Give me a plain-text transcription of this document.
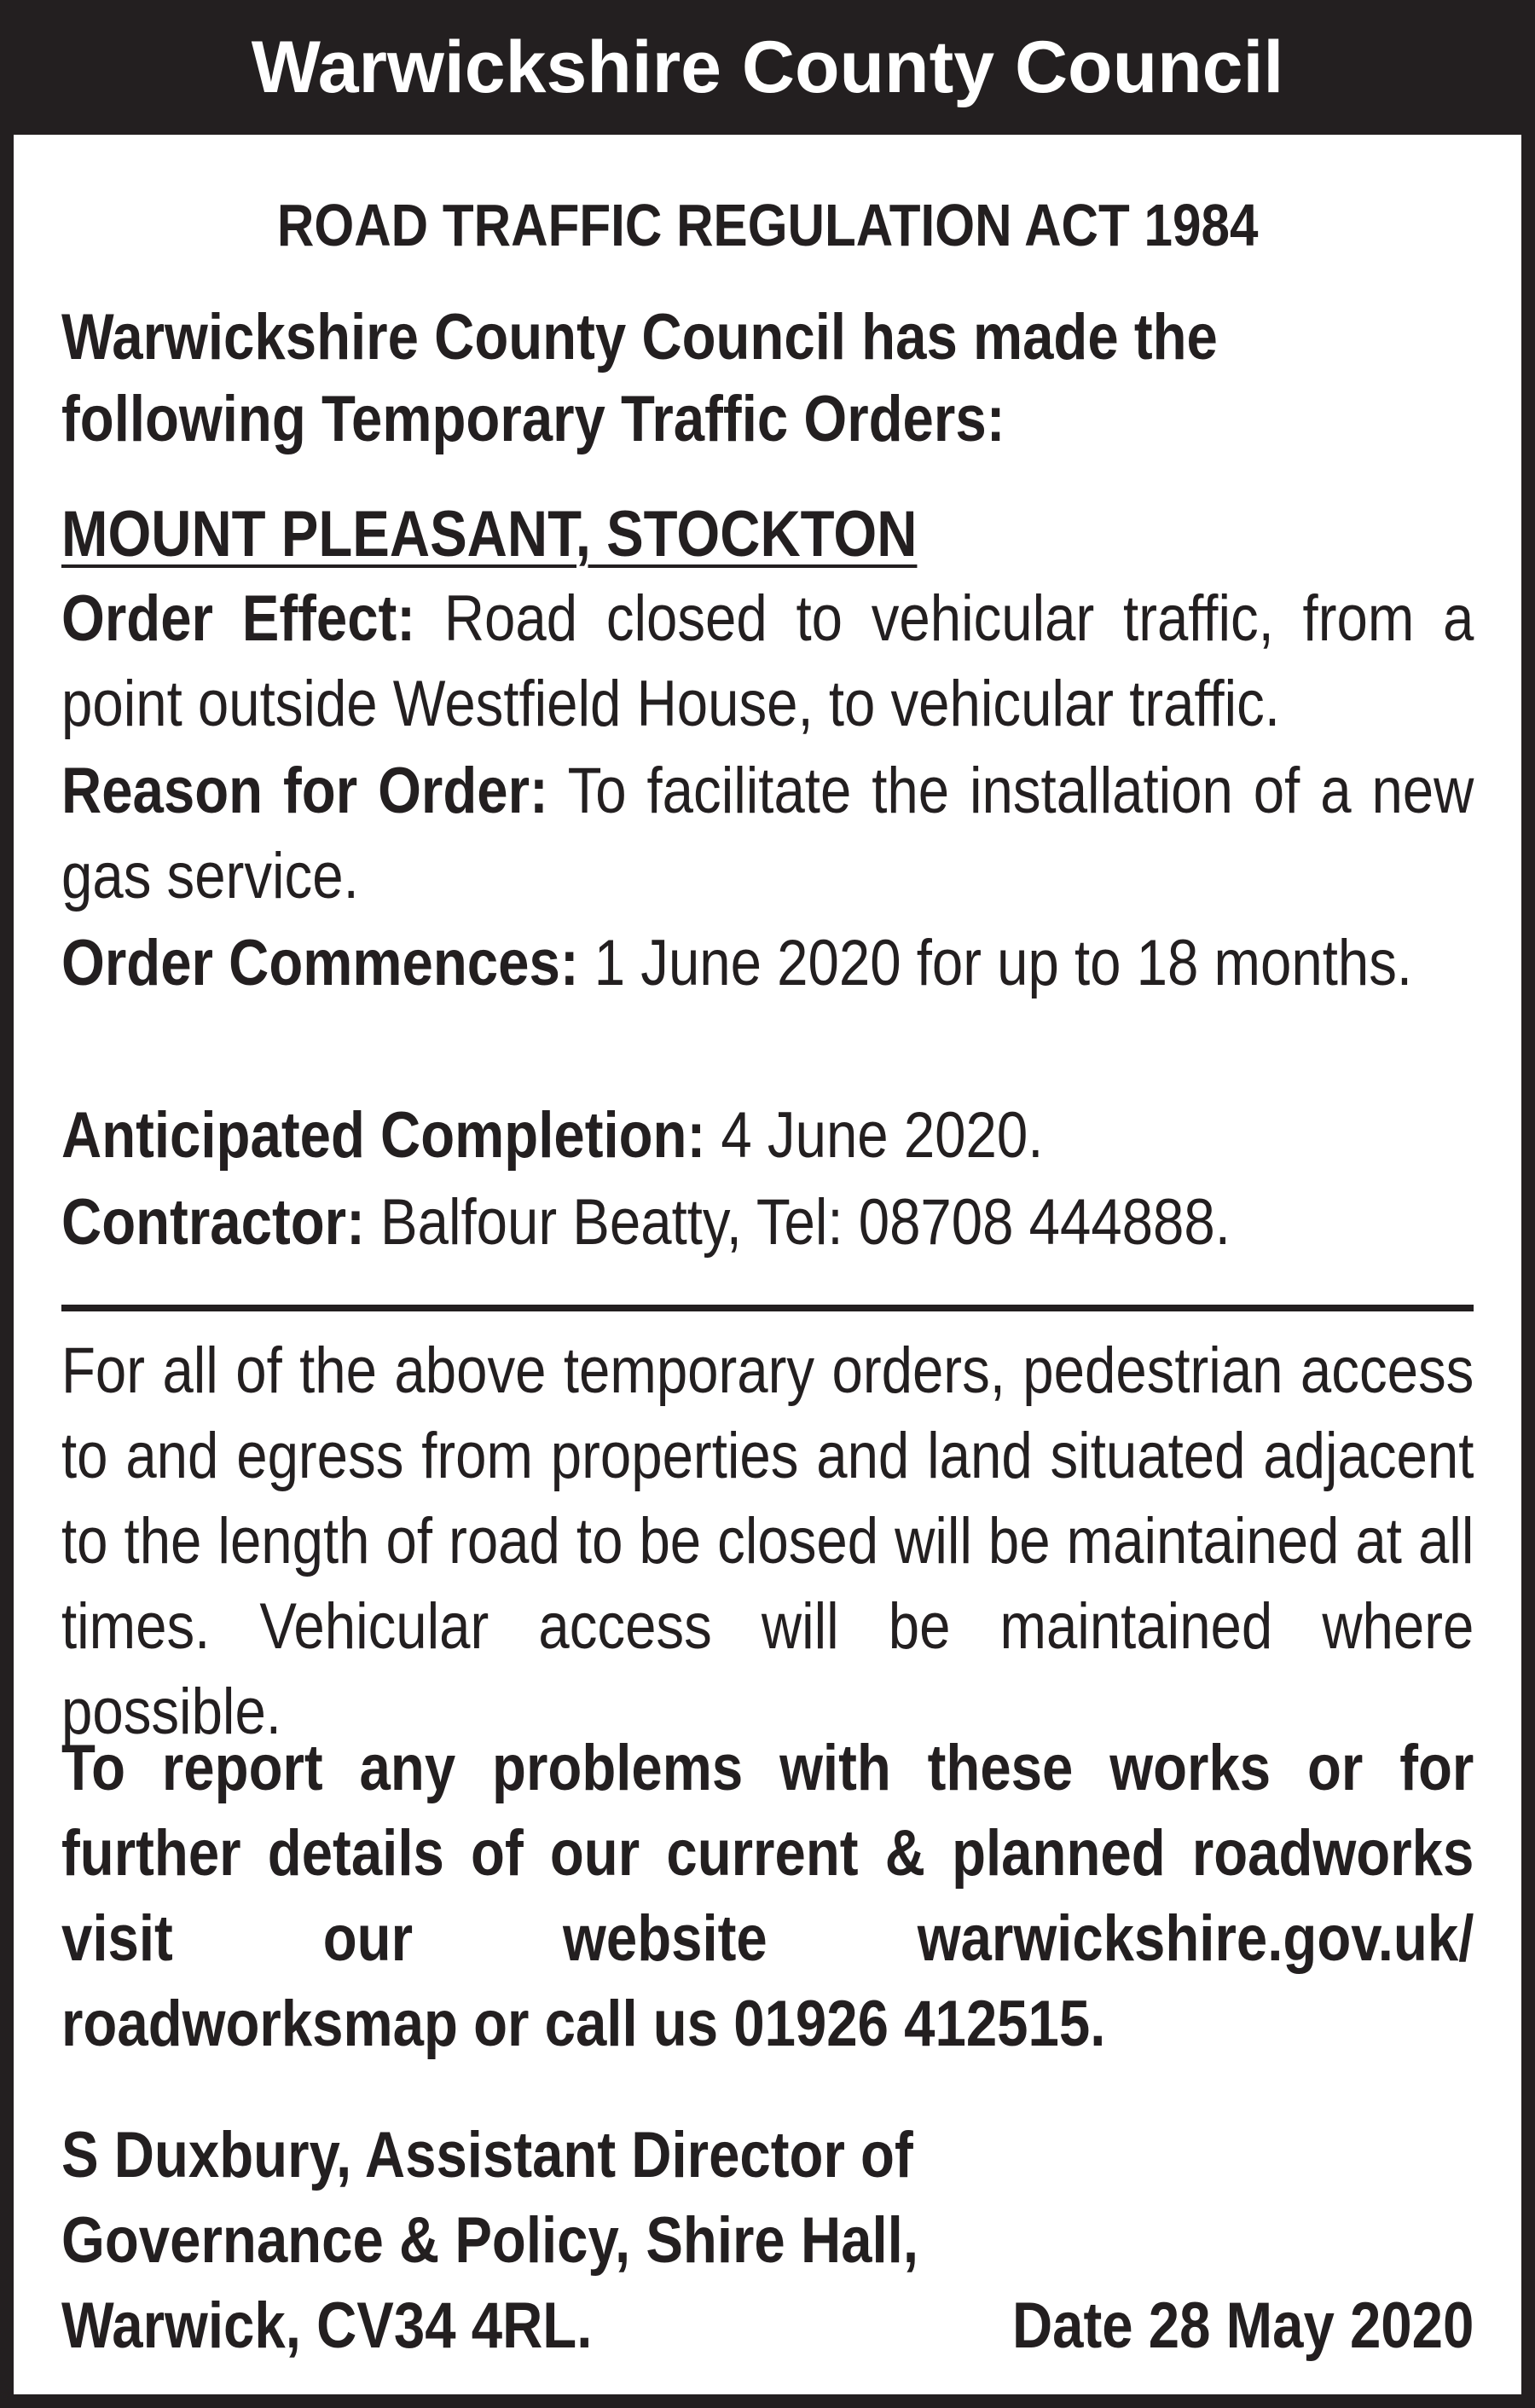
Warwickshire County Council
ROAD TRAFFIC REGULATION ACT 1984
Warwickshire County Council has made the
following Temporary Traffic Orders:
MOUNT PLEASANT, STOCKTON
Order Effect: Road closed to vehicular traffic, from a point outside Westfield House, to vehicular traffic.
Reason for Order: To facilitate the installation of a new gas service.
Order Commences: 1 June 2020 for up to 18 months.
Anticipated Completion: 4 June 2020.
Contractor: Balfour Beatty, Tel: 08708 444888.
For all of the above temporary orders, pedestrian access to and egress from properties and land situated adjacent to the length of road to be closed will be maintained at all times. Vehicular access will be maintained where possible.
To report any problems with these works or for further details of our current & planned roadworks visit our website warwickshire.gov.uk/ roadworksmap or call us 01926 412515.
S Duxbury, Assistant Director of
Governance & Policy, Shire Hall,
Warwick, CV34 4RL.	Date 28 May 2020
